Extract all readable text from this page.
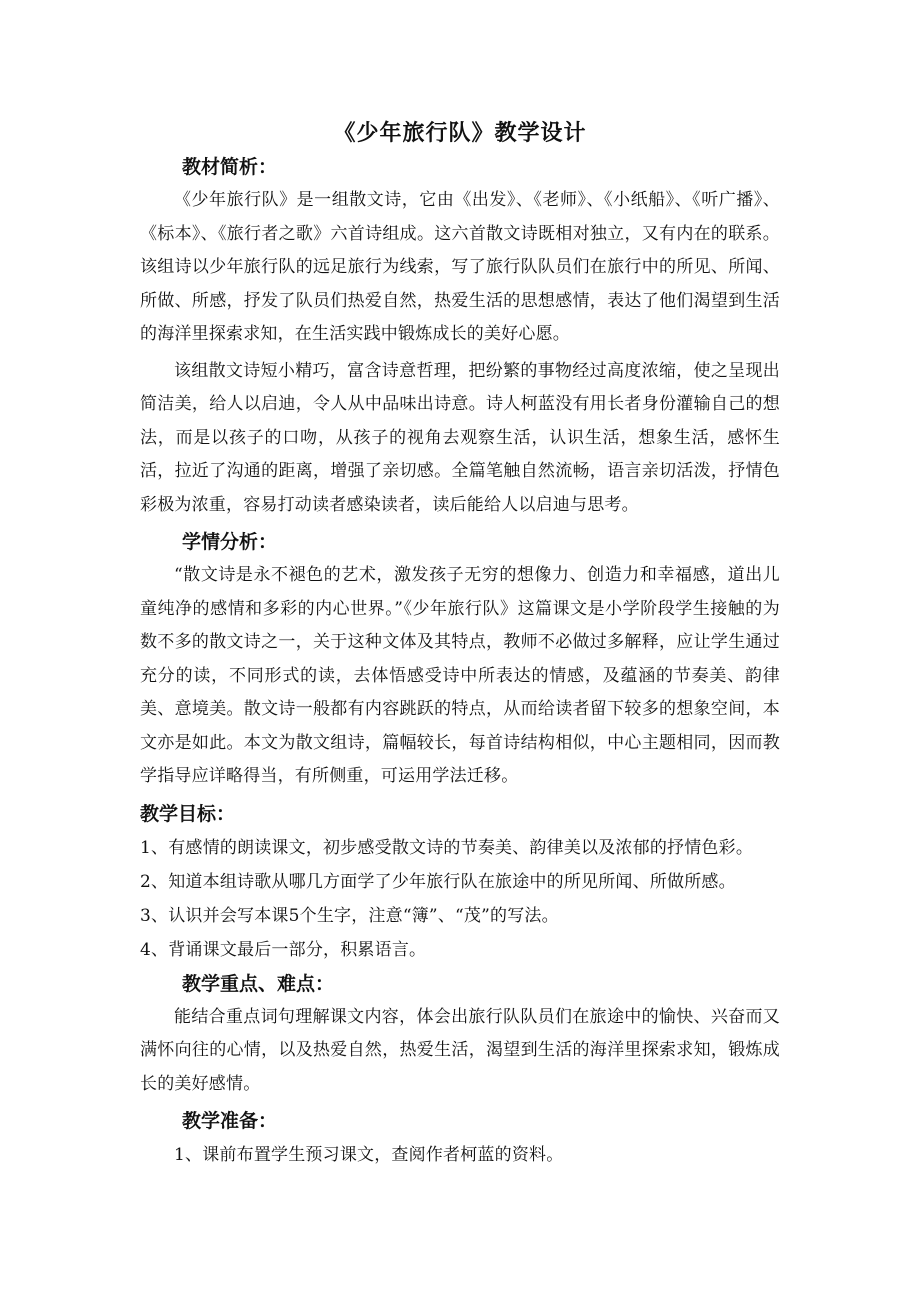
《少年旅行队》教学设计
教材简析：

《少年旅行队》是一组散文诗，它由《出发》、《老师》、《小纸船》、《听广播》、《标本》、《旅行者之歌》六首诗组成。这六首散文诗既相对独立，又有内在的联系。该组诗以少年旅行队的远足旅行为线索，写了旅行队队员们在旅行中的所见、所闻、所做、所感，抒发了队员们热爱自然，热爱生活的思想感情，表达了他们渴望到生活的海洋里探索求知，在生活实践中锻炼成长的美好心愿。

该组散文诗短小精巧，富含诗意哲理，把纷繁的事物经过高度浓缩，使之呈现出简洁美，给人以启迪，令人从中品味出诗意。诗人柯蓝没有用长者身份灌输自己的想法，而是以孩子的口吻，从孩子的视角去观察生活，认识生活，想象生活，感怀生活，拉近了沟通的距离，增强了亲切感。全篇笔触自然流畅，语言亲切活泼，抒情色彩极为浓重，容易打动读者感染读者，读后能给人以启迪与思考。

学情分析：

“散文诗是永不褪色的艺术，激发孩子无穷的想像力、创造力和幸福感，道出儿童纯净的感情和多彩的内心世界。”《少年旅行队》这篇课文是小学阶段学生接触的为数不多的散文诗之一，关于这种文体及其特点，教师不必做过多解释，应让学生通过充分的读，不同形式的读，去体悟感受诗中所表达的情感，及蕴涵的节奏美、韵律美、意境美。散文诗一般都有内容跳跃的特点，从而给读者留下较多的想象空间，本文亦是如此。本文为散文组诗，篇幅较长，每首诗结构相似，中心主题相同，因而教学指导应详略得当，有所侧重，可运用学法迁移。

教学目标：

1、有感情的朗读课文，初步感受散文诗的节奏美、韵律美以及浓郁的抒情色彩。

2、知道本组诗歌从哪几方面学了少年旅行队在旅途中的所见所闻、所做所感。

3、认识并会写本课5个生字，注意“簿”、“茂”的写法。

4、背诵课文最后一部分，积累语言。

教学重点、难点：

能结合重点词句理解课文内容，体会出旅行队队员们在旅途中的愉快、兴奋而又满怀向往的心情，以及热爱自然，热爱生活，渴望到生活的海洋里探索求知，锻炼成长的美好感情。

教学准备：

1、课前布置学生预习课文，查阅作者柯蓝的资料。
